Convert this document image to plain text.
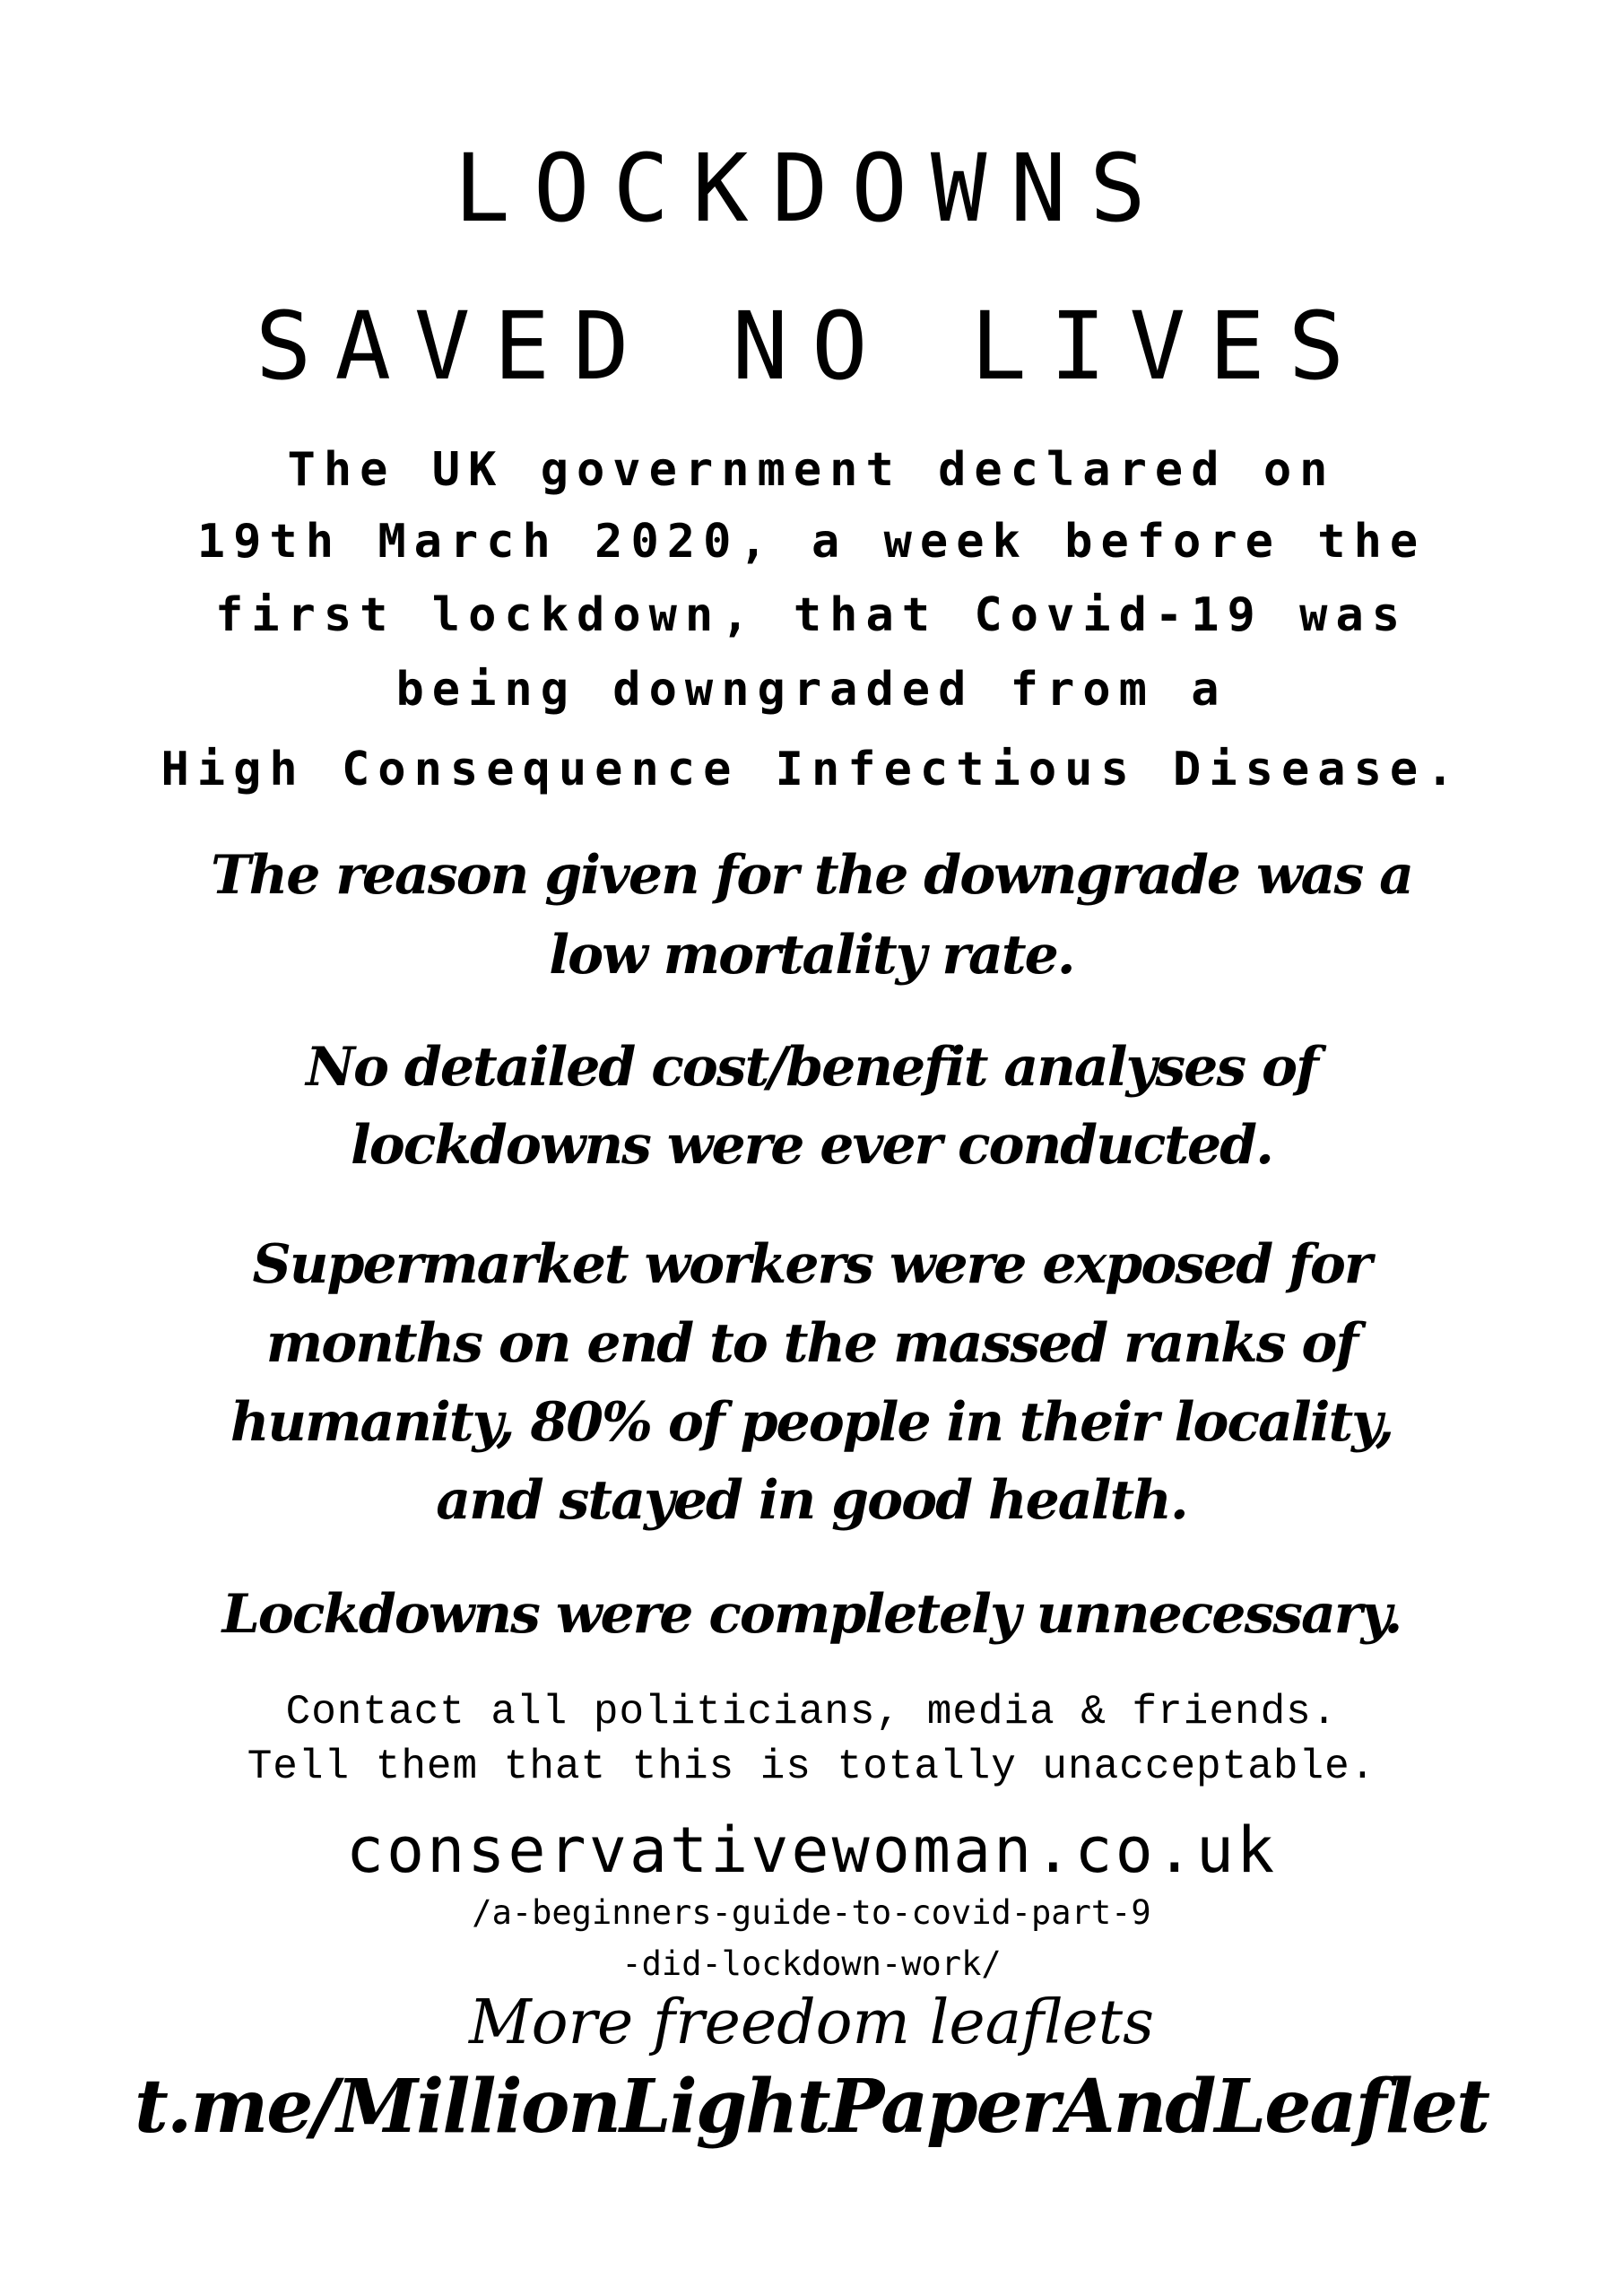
LOCKDOWNS
SAVED NO LIVES

The UK government declared on

19th March 2020, a week before the

first lockdown, that Covid-19 was

being downgraded from a

High Consequence Infectious Disease.

The reason given for the downgrade was a

low mortality rate.

No detailed cost/benefit analyses of

lockdowns were ever conducted.

Supermarket workers were exposed for

months on end to the massed ranks of

humanity, 80% of people in their locality,

and stayed in good health.

Lockdowns were completely unnecessary.

Contact all politicians, media & friends.

Tell them that this is totally unacceptable.

conservativewoman.co.uk

/a-beginners-guide-to-covid-part-9

-did-lockdown-work/

More freedom leaflets

t.me/MillionLightPaperAndLeaflet
